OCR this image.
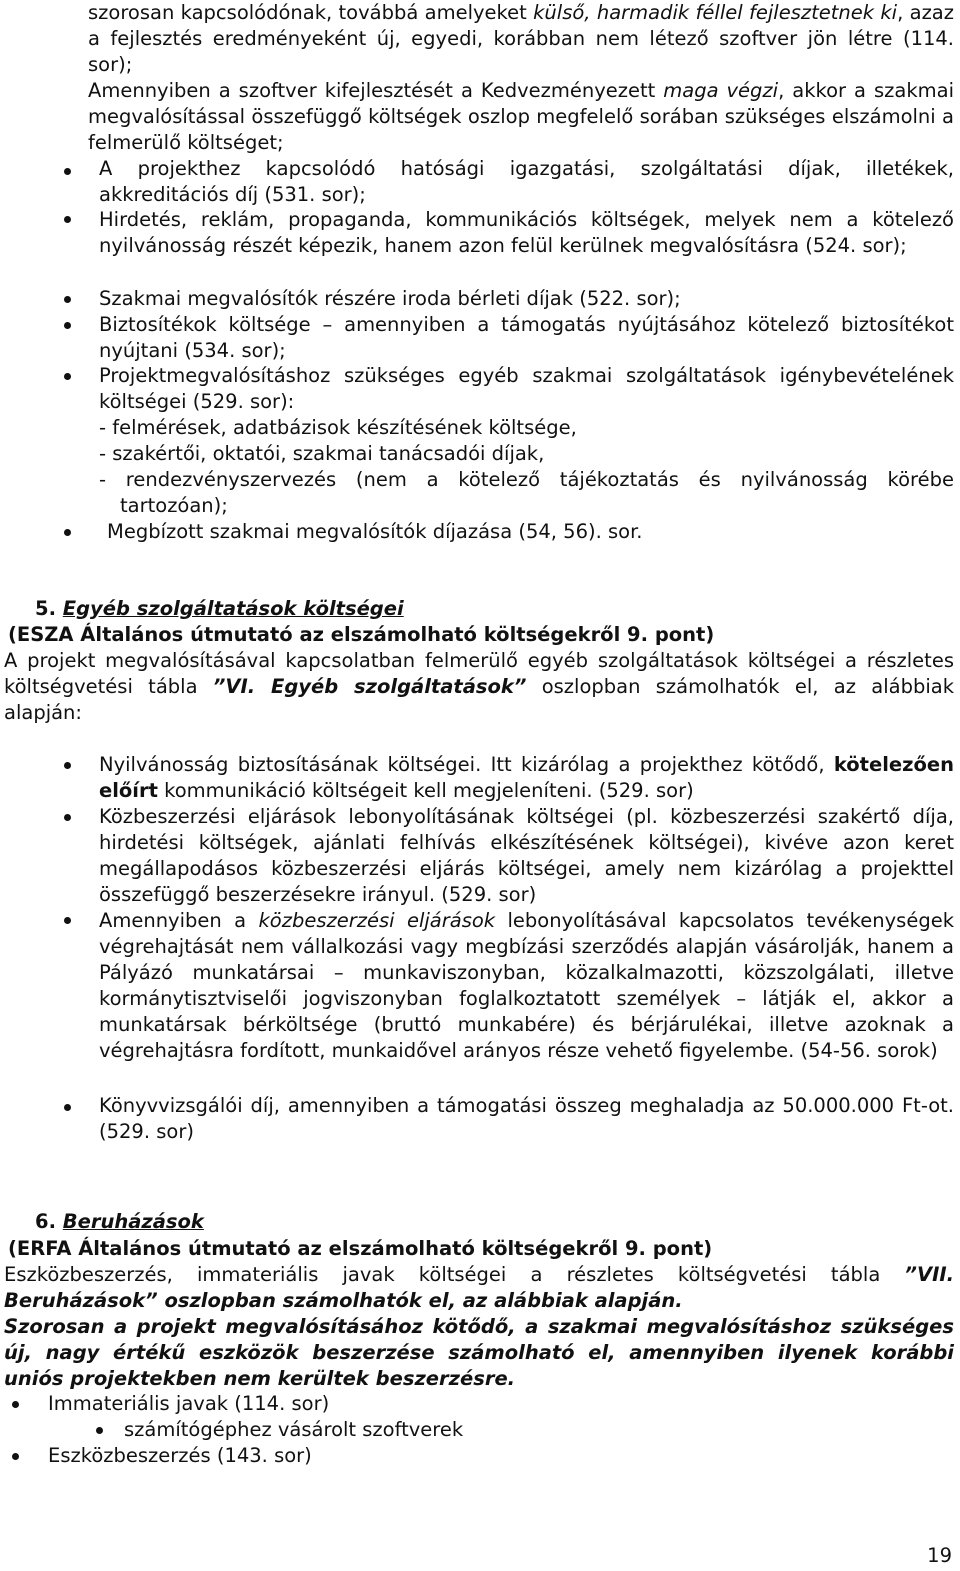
szorosan kapcsolódónak, továbbá amelyeket külső, harmadik féllel fejlesztetnek ki, azaz a fejlesztés eredményeként új, egyedi, korábban nem létező szoftver jön létre (114. sor);
Amennyiben a szoftver kifejlesztését a Kedvezményezett maga végzi, akkor a szakmai megvalósítással összefüggő költségek oszlop megfelelő sorában szükséges elszámolni a felmerülő költséget;
A projekthez kapcsolódó hatósági igazgatási, szolgáltatási díjak, illetékek, akkreditációs díj (531. sor);
Hirdetés, reklám, propaganda, kommunikációs költségek, melyek nem a kötelező nyilvánosság részét képezik, hanem azon felül kerülnek megvalósításra (524. sor);
Szakmai megvalósítók részére iroda bérleti díjak (522. sor);
Biztosítékok költsége – amennyiben a támogatás nyújtásához kötelező biztosítékot nyújtani (534. sor);
Projektmegvalósításhoz szükséges egyéb szakmai szolgáltatások igénybevételének költségei (529. sor):
- felmérések, adatbázisok készítésének költsége,
- szakértői, oktatói, szakmai tanácsadói díjak,
- rendezvényszervezés (nem a kötelező tájékoztatás és nyilvánosság körébe
tartozóan);
Megbízott szakmai megvalósítók díjazása (54, 56). sor.
5. Egyéb szolgáltatások költségei
(ESZA Általános útmutató az elszámolható költségekről 9. pont)
A projekt megvalósításával kapcsolatban felmerülő egyéb szolgáltatások költségei a részletes költségvetési tábla ”VI. Egyéb szolgáltatások” oszlopban számolhatók el, az alábbiak alapján:
Nyilvánosság biztosításának költségei. Itt kizárólag a projekthez kötődő, kötelezően előírt kommunikáció költségeit kell megjeleníteni. (529. sor)
Közbeszerzési eljárások lebonyolításának költségei (pl. közbeszerzési szakértő díja, hirdetési költségek, ajánlati felhívás elkészítésének költségei), kivéve azon keret megállapodásos közbeszerzési eljárás költségei, amely nem kizárólag a projekttel összefüggő beszerzésekre irányul. (529. sor)
Amennyiben a közbeszerzési eljárások lebonyolításával kapcsolatos tevékenységek végrehajtását nem vállalkozási vagy megbízási szerződés alapján vásárolják, hanem a Pályázó munkatársai – munkaviszonyban, közalkalmazotti, közszolgálati, illetve kormánytisztviselői jogviszonyban foglalkoztatott személyek – látják el, akkor a munkatársak bérköltsége (bruttó munkabére) és bérjárulékai, illetve azoknak a végrehajtásra fordított, munkaidővel arányos része vehető figyelembe. (54-56. sorok)
Könyvvizsgálói díj, amennyiben a támogatási összeg meghaladja az 50.000.000 Ft-ot. (529. sor)
6. Beruházások
(ERFA Általános útmutató az elszámolható költségekről 9. pont)
Eszközbeszerzés, immateriális javak költségei a részletes költségvetési tábla ”VII. Beruházások” oszlopban számolhatók el, az alábbiak alapján.
Szorosan a projekt megvalósításához kötődő, a szakmai megvalósításhoz szükséges új, nagy értékű eszközök beszerzése számolható el, amennyiben ilyenek korábbi uniós projektekben nem kerültek beszerzésre.
Immateriális javak (114. sor)
számítógéphez vásárolt szoftverek
Eszközbeszerzés (143. sor)
19
